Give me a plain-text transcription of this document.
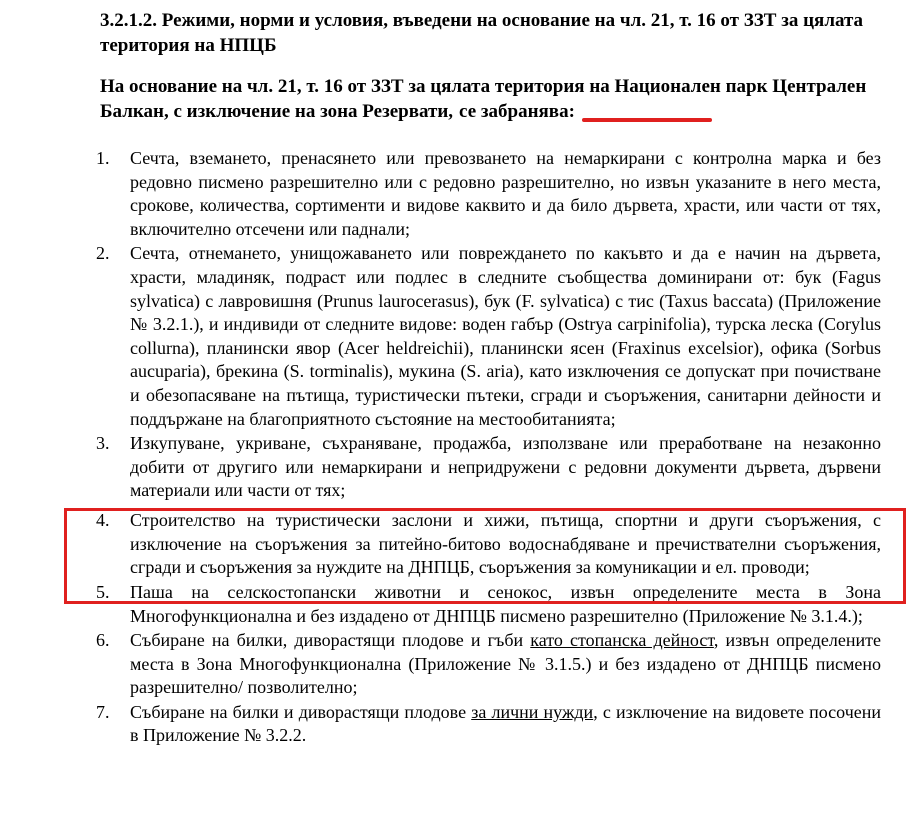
3.2.1.2. Режими, норми и условия, въведени на основание на чл. 21, т. 16 от ЗЗТ за цялата територия на НПЦБ
На основание на чл. 21, т. 16 от ЗЗТ за цялата територия на Национален парк Централен Балкан, с изключение на зона Резервати, се забранява:
1. Сечта, вземането, пренасянето или превозването на немаркирани с контролна марка и без редовно писмено разрешително или с редовно разрешително, но извън указаните в него места, срокове, количества, сортименти и видове каквито и да било дървета, храсти, или части от тях, включително отсечени или паднали;
2. Сечта, отнемането, унищожаването или повреждането по какъвто и да е начин на дървета, храсти, младиняк, подраст или подлес в следните съобщества доминирани от: бук (Fagus sylvatica) с лавровишня (Prunus laurocerasus), бук (F. sylvatica) с тис (Taxus baccata) (Приложение № 3.2.1.), и индивиди от следните видове: воден габър (Ostrya carpinifolia), турска леска (Corylus collurna), планински явор (Acer heldreichii), планински ясен (Fraxinus excelsior), офика (Sorbus aucuparia), брекина (S. torminalis), мукина (S. aria), като изключения се допускат при почистване и обезопасяване на пътища, туристически пътеки, сгради и съоръжения, санитарни дейности и поддържане на благоприятното състояние на местообитанията;
3. Изкупуване, укриване, съхраняване, продажба, използване или преработване на незаконно добити от другиго или немаркирани и непридружени с редовни документи дървета, дървени материали или части от тях;
4. Строителство на туристически заслони и хижи, пътища, спортни и други съоръжения, с изключение на съоръжения за питейно-битово водоснабдяване и пречиствателни съоръжения, сгради и съоръжения за нуждите на ДНПЦБ, съоръжения за комуникации и ел. проводи;
5. Паша на селскостопански животни и сенокос, извън определените места в Зона Многофункционална и без издадено от ДНПЦБ писмено разрешително (Приложение № 3.1.4.);
6. Събиране на билки, диворастящи плодове и гъби като стопанска дейност, извън определените места в Зона Многофункционална (Приложение № 3.1.5.) и без издадено от ДНПЦБ писмено разрешително/ позволително;
7. Събиране на билки и диворастящи плодове за лични нужди, с изключение на видовете посочени в Приложение № 3.2.2.
